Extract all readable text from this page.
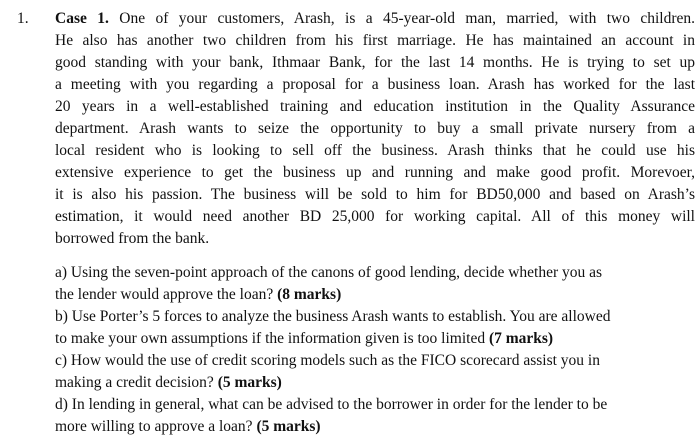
1. Case 1. One of your customers, Arash, is a 45-year-old man, married, with two children.
He also has another two children from his first marriage. He has maintained an account in
good standing with your bank, Ithmaar Bank, for the last 14 months. He is trying to set up
a meeting with you regarding a proposal for a business loan. Arash has worked for the last
20 years in a well-established training and education institution in the Quality Assurance
department. Arash wants to seize the opportunity to buy a small private nursery from a
local resident who is looking to sell off the business. Arash thinks that he could use his
extensive experience to get the business up and running and make good profit. Morevoer,
it is also his passion. The business will be sold to him for BD50,000 and based on Arash’s
estimation, it would need another BD 25,000 for working capital. All of this money will
borrowed from the bank.
a) Using the seven-point approach of the canons of good lending, decide whether you as
the lender would approve the loan? (8 marks)
b) Use Porter’s 5 forces to analyze the business Arash wants to establish. You are allowed
to make your own assumptions if the information given is too limited (7 marks)
c) How would the use of credit scoring models such as the FICO scorecard assist you in
making a credit decision? (5 marks)
d) In lending in general, what can be advised to the borrower in order for the lender to be
more willing to approve a loan? (5 marks)
